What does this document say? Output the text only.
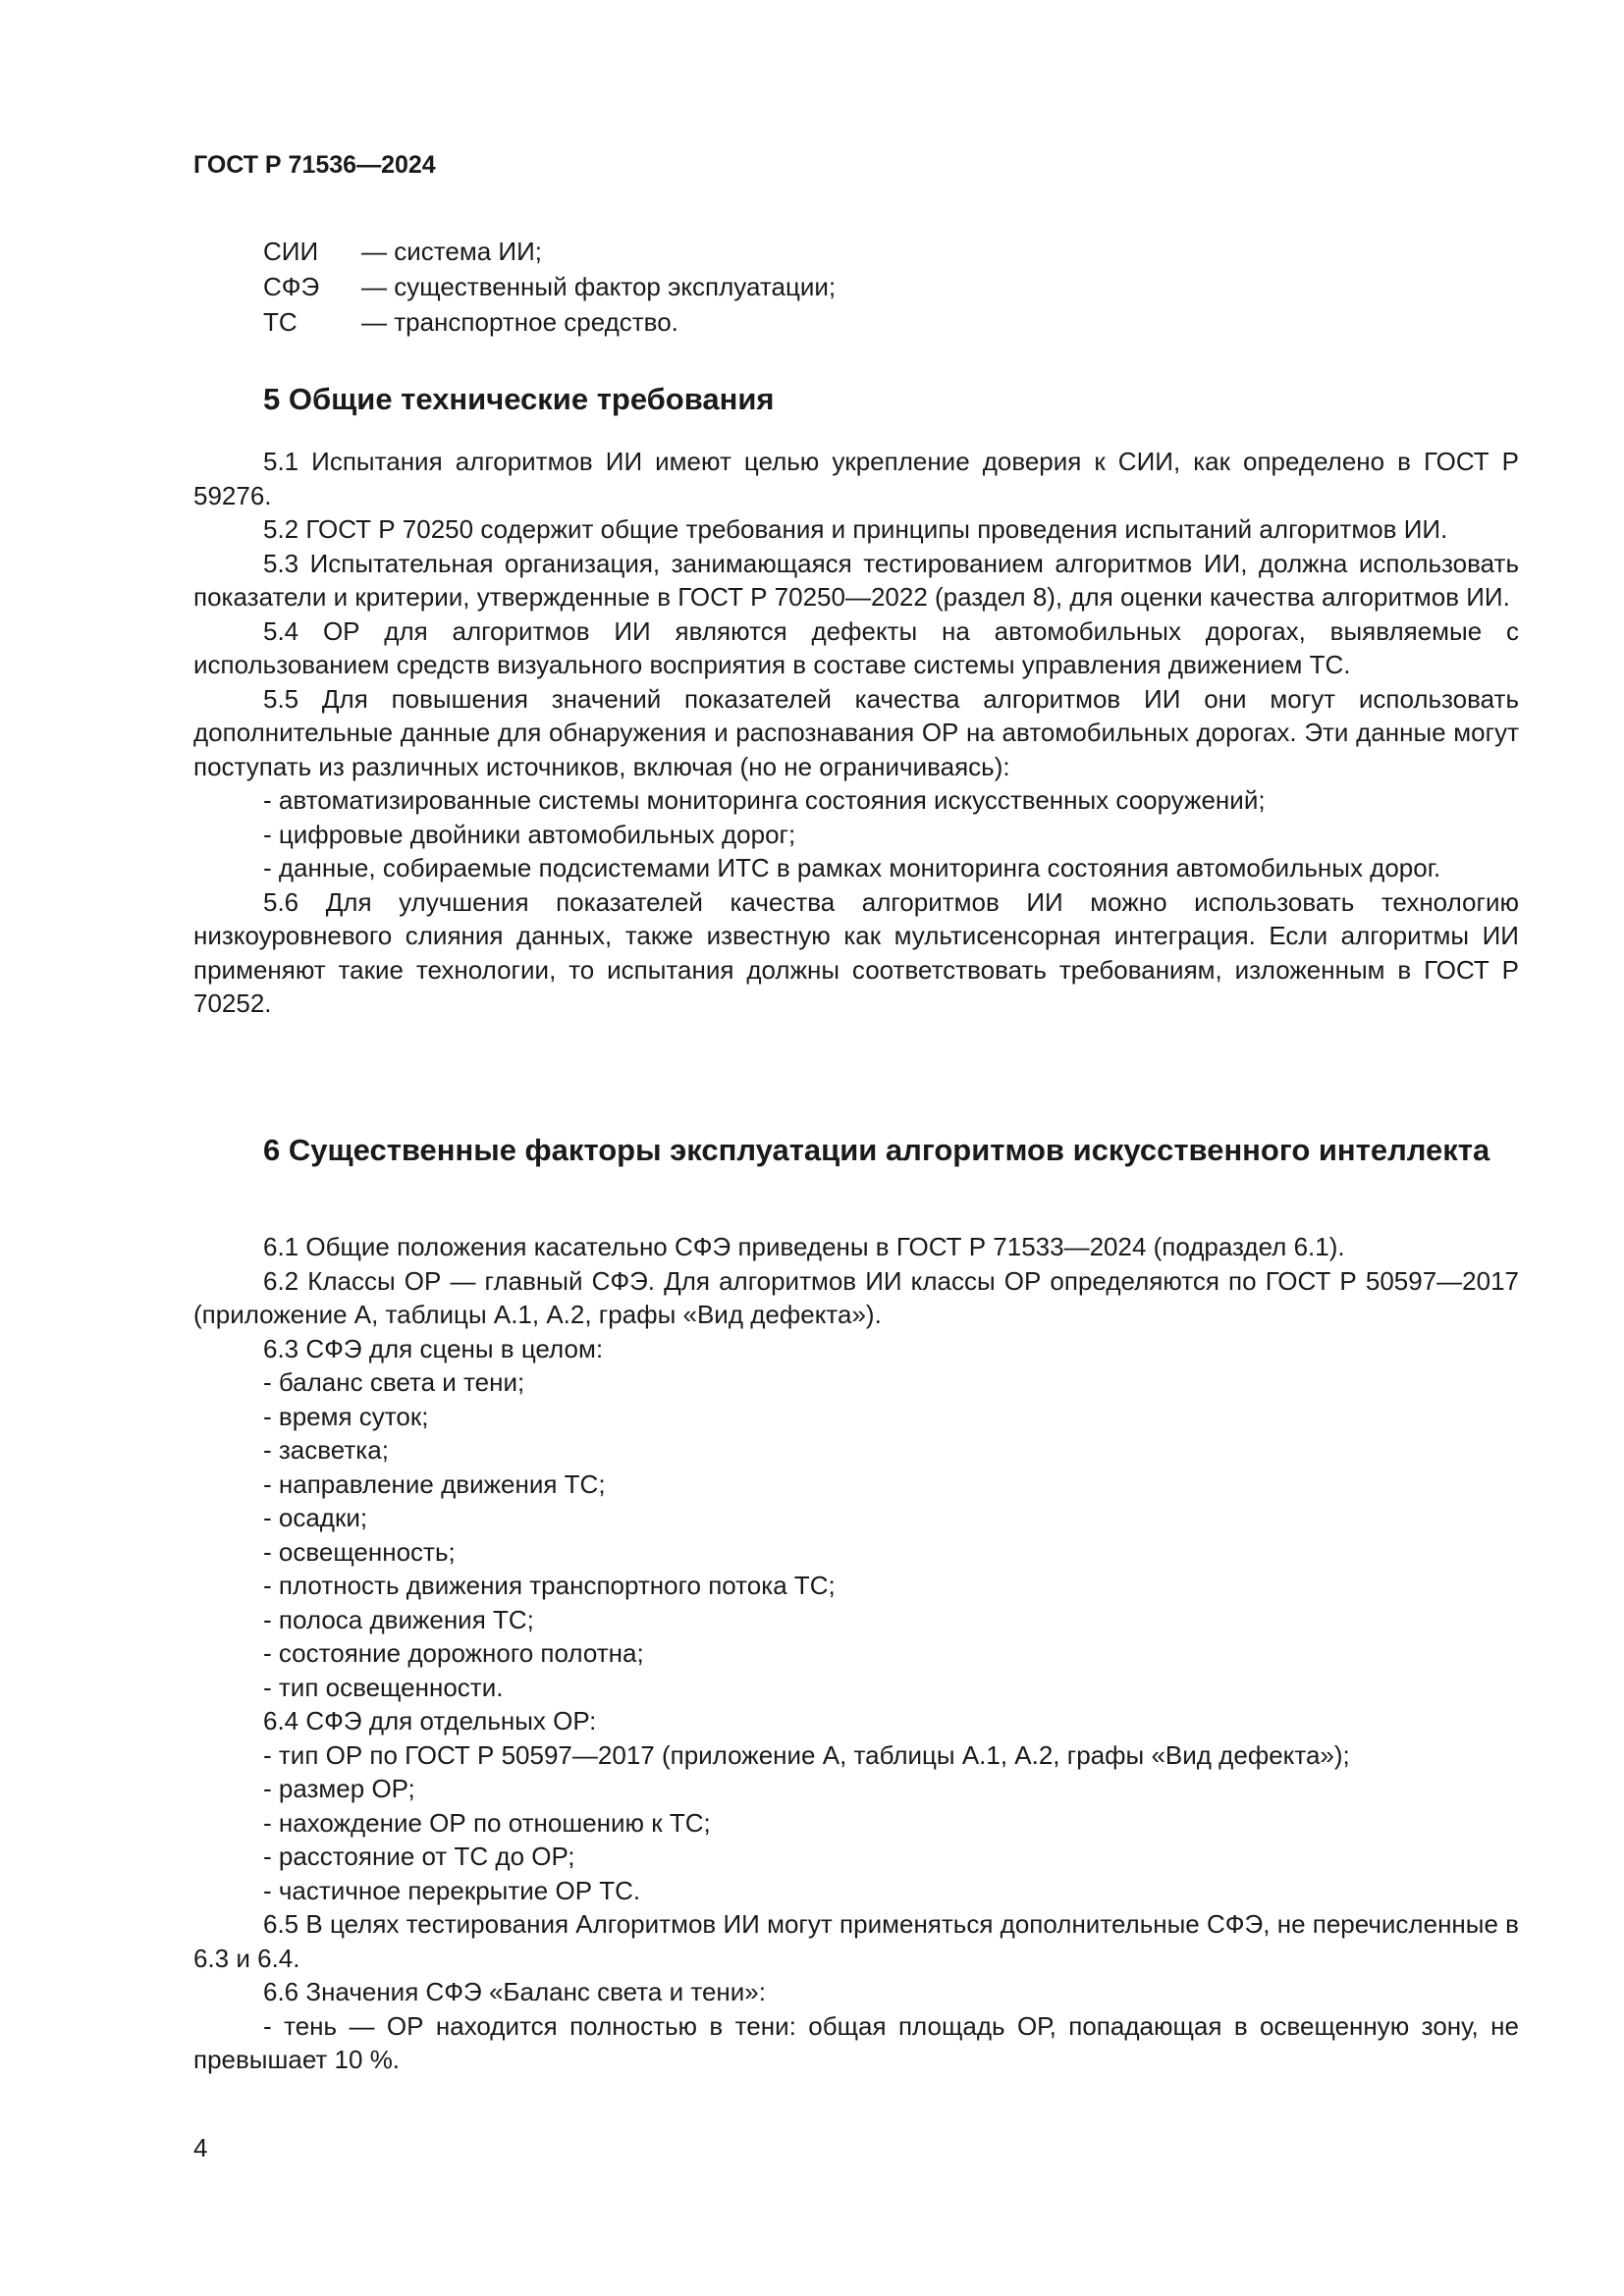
ГОСТ Р 71536—2024
СИИ	— система ИИ;
СФЭ	— существенный фактор эксплуатации;
ТС	— транспортное средство.
5 Общие технические требования

5.1 Испытания алгоритмов ИИ имеют целью укрепление доверия к СИИ, как определено в ГОСТ Р 59276.

5.2 ГОСТ Р 70250 содержит общие требования и принципы проведения испытаний алгоритмов ИИ.

5.3 Испытательная организация, занимающаяся тестированием алгоритмов ИИ, должна использовать показатели и критерии, утвержденные в ГОСТ Р 70250—2022 (раздел 8), для оценки качества алгоритмов ИИ.

5.4 ОР для алгоритмов ИИ являются дефекты на автомобильных дорогах, выявляемые с использованием средств визуального восприятия в составе системы управления движением ТС.

5.5 Для повышения значений показателей качества алгоритмов ИИ они могут использовать дополнительные данные для обнаружения и распознавания ОР на автомобильных дорогах. Эти данные могут поступать из различных источников, включая (но не ограничиваясь):

- автоматизированные системы мониторинга состояния искусственных сооружений;

- цифровые двойники автомобильных дорог;

- данные, собираемые подсистемами ИТС в рамках мониторинга состояния автомобильных дорог.

5.6 Для улучшения показателей качества алгоритмов ИИ можно использовать технологию низкоуровневого слияния данных, также известную как мультисенсорная интеграция. Если алгоритмы ИИ применяют такие технологии, то испытания должны соответствовать требованиям, изложенным в ГОСТ Р 70252.

6 Существенные факторы эксплуатации алгоритмов искусственного интеллекта

6.1 Общие положения касательно СФЭ приведены в ГОСТ Р 71533—2024 (подраздел 6.1).

6.2 Классы ОР — главный СФЭ. Для алгоритмов ИИ классы ОР определяются по ГОСТ Р 50597—2017 (приложение А, таблицы А.1, А.2, графы «Вид дефекта»).

6.3 СФЭ для сцены в целом:

- баланс света и тени;

- время суток;

- засветка;

- направление движения ТС;

- осадки;

- освещенность;

- плотность движения транспортного потока ТС;

- полоса движения ТС;

- состояние дорожного полотна;

- тип освещенности.

6.4 СФЭ для отдельных ОР:

- тип ОР по ГОСТ Р 50597—2017 (приложение А, таблицы А.1, А.2, графы «Вид дефекта»);

- размер ОР;

- нахождение ОР по отношению к ТС;

- расстояние от ТС до ОР;

- частичное перекрытие ОР ТС.

6.5 В целях тестирования Алгоритмов ИИ могут применяться дополнительные СФЭ, не перечисленные в 6.3 и 6.4.

6.6 Значения СФЭ «Баланс света и тени»:

- тень — ОР находится полностью в тени: общая площадь ОР, попадающая в освещенную зону, не превышает 10 %.

4
